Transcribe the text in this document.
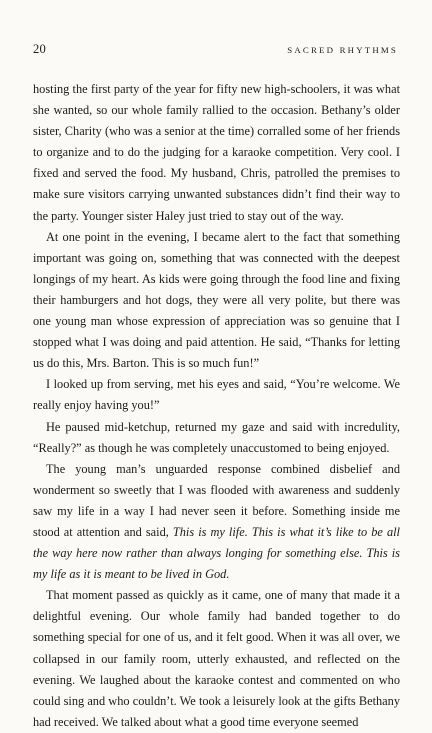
20	SACRED RHYTHMS

hosting the first party of the year for fifty new high-schoolers, it was what she wanted, so our whole family rallied to the occasion. Bethany’s older sister, Charity (who was a senior at the time) corralled some of her friends to organize and to do the judging for a karaoke competition. Very cool. I fixed and served the food. My husband, Chris, patrolled the premises to make sure visitors carrying unwanted substances didn’t find their way to the party. Younger sister Haley just tried to stay out of the way.

At one point in the evening, I became alert to the fact that something important was going on, something that was connected with the deepest longings of my heart. As kids were going through the food line and fixing their hamburgers and hot dogs, they were all very polite, but there was one young man whose expression of appreciation was so genuine that I stopped what I was doing and paid attention. He said, “Thanks for letting us do this, Mrs. Barton. This is so much fun!”

I looked up from serving, met his eyes and said, “You’re welcome. We really enjoy having you!”

He paused mid-ketchup, returned my gaze and said with incredulity, “Really?” as though he was completely unaccustomed to being enjoyed.

The young man’s unguarded response combined disbelief and wonderment so sweetly that I was flooded with awareness and suddenly saw my life in a way I had never seen it before. Something inside me stood at attention and said, This is my life. This is what it’s like to be all the way here now rather than always longing for something else. This is my life as it is meant to be lived in God.

That moment passed as quickly as it came, one of many that made it a delightful evening. Our whole family had banded together to do something special for one of us, and it felt good. When it was all over, we collapsed in our family room, utterly exhausted, and reflected on the evening. We laughed about the karaoke contest and commented on who could sing and who couldn’t. We took a leisurely look at the gifts Bethany had received. We talked about what a good time everyone seemed
